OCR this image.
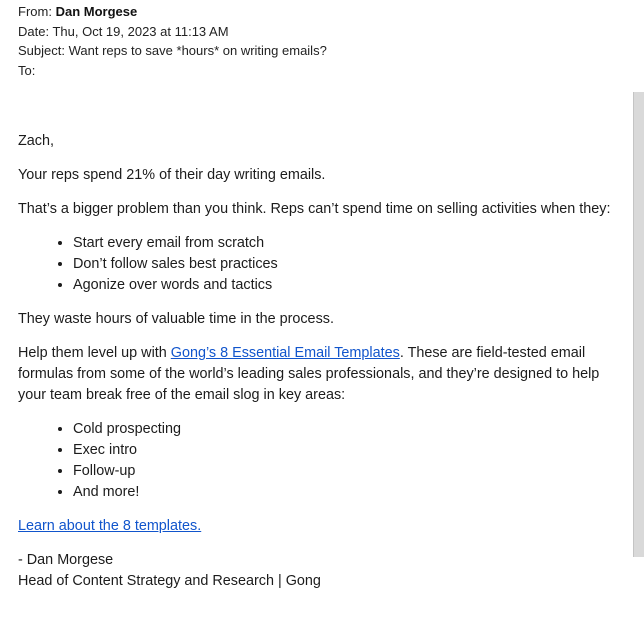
From: Dan Morgese
Date: Thu, Oct 19, 2023 at 11:13 AM
Subject: Want reps to save *hours* on writing emails?
To:

Zach,

Your reps spend 21% of their day writing emails.

That’s a bigger problem than you think. Reps can’t spend time on selling activities when they:

• Start every email from scratch
• Don’t follow sales best practices
• Agonize over words and tactics

They waste hours of valuable time in the process.

Help them level up with Gong’s 8 Essential Email Templates. These are field-tested email formulas from some of the world’s leading sales professionals, and they’re designed to help your team break free of the email slog in key areas:

• Cold prospecting
• Exec intro
• Follow-up
• And more!

Learn about the 8 templates.

- Dan Morgese
Head of Content Strategy and Research | Gong
